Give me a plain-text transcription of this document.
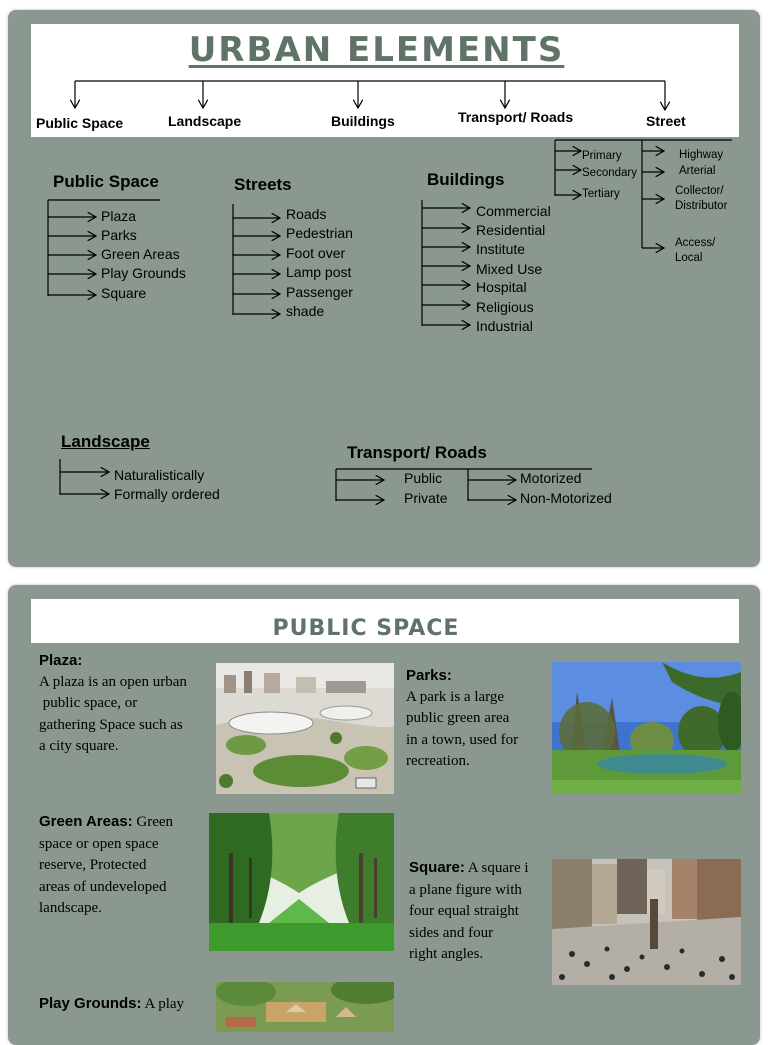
URBAN ELEMENTS
Public Space	Landscape	Buildings	Transport/ Roads	Street
Public Space
Plaza
Parks
Green Areas
Play Grounds
Square
Streets
Roads
Pedestrian
Foot over
Lamp post
Passenger
shade
Buildings
Commercial
Residential
Institute
Mixed Use
Hospital
Religious
Industrial
Primary
Secondary
Tertiary
Highway
Arterial
Collector/
Distributor
Access/
Local
Landscape
Naturalistically
Formally ordered
Transport/ Roads
Public
Private
Motorized
Non-Motorized
PUBLIC SPACE
Plaza:
A plaza is an open urban
public space, or
gathering Space such as
a city square.
Parks:
A park is a large
public green area
in a town, used for
recreation.
Green Areas: Green
space or open space
reserve, Protected
areas of undeveloped
landscape.
Square: A square i
a plane figure with
four equal straight
sides and four
right angles.
Play Grounds: A play
